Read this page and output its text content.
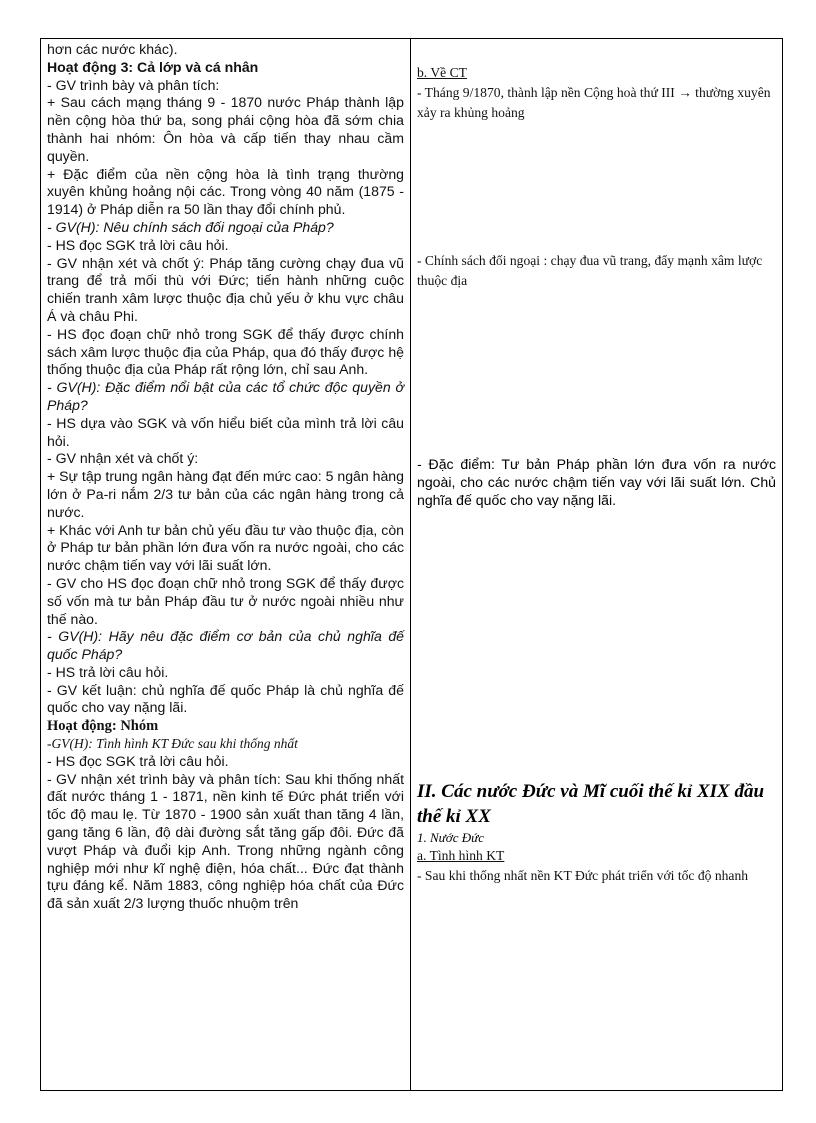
hơn các nước khác).

Hoạt động 3: Cả lớp và cá nhân

- GV trình bày và phân tích:

+ Sau cách mạng tháng 9 - 1870 nước Pháp thành lập nền cộng hòa thứ ba, song phái cộng hòa đã sớm chia thành hai nhóm: Ôn hòa và cấp tiến thay nhau cầm quyền.

+ Đặc điểm của nền cộng hòa là tình trạng thường xuyên khủng hoảng nội các. Trong vòng 40 năm (1875 - 1914) ở Pháp diễn ra 50 lần thay đổi chính phủ.

- GV(H): Nêu chính sách đối ngoại của Pháp?

- HS đọc SGK trả lời câu hỏi.

- GV nhận xét và chốt ý: Pháp tăng cường chạy đua vũ trang để trả mối thù với Đức; tiến hành những cuộc chiến tranh xâm lược thuộc địa chủ yếu ở khu vực châu Á và châu Phi.

- HS đọc đoạn chữ nhỏ trong SGK để thấy được chính sách xâm lược thuộc địa của Pháp, qua đó thấy được hệ thống thuộc địa của Pháp rất rộng lớn, chỉ sau Anh.

- GV(H): Đặc điểm nổi bật của các tổ chức độc quyền ở Pháp?

- HS dựa vào SGK và vốn hiểu biết của mình trả lời câu hỏi.

- GV nhận xét và chốt ý:

+ Sự tập trung ngân hàng đạt đến mức cao: 5 ngân hàng lớn ở Pa-ri nắm 2/3 tư bản của các ngân hàng trong cả nước.

+ Khác với Anh tư bản chủ yếu đầu tư vào thuộc địa, còn ở Pháp tư bản phần lớn đưa vốn ra nước ngoài, cho các nước chậm tiến vay với lãi suất lớn.

- GV cho HS đọc đoạn chữ nhỏ trong SGK để thấy được số vốn mà tư bản Pháp đầu tư ở nước ngoài nhiều như thế nào.

- GV(H): Hãy nêu đặc điểm cơ bản của chủ nghĩa đế quốc Pháp?

- HS trả lời câu hỏi.

- GV kết luận: chủ nghĩa đế quốc Pháp là chủ nghĩa đế quốc cho vay nặng lãi.

Hoạt động: Nhóm

-GV(H): Tình hình KT Đức sau khi thống nhất

- HS đọc SGK trả lời câu hỏi.

- GV nhận xét trình bày và phân tích: Sau khi thống nhất đất nước tháng 1 - 1871, nền kinh tế Đức phát triển với tốc độ mau lẹ. Từ 1870 - 1900 sản xuất than tăng 4 lần, gang tăng 6 lần, độ dài đường sắt tăng gấp đôi. Đức đã vượt Pháp và đuổi kịp Anh. Trong những ngành công nghiệp mới như kĩ nghệ điện, hóa chất... Đức đạt thành tựu đáng kể. Năm 1883, công nghiệp hóa chất của Đức đã sản xuất 2/3 lượng thuốc nhuộm trên

b. Về CT

- Tháng 9/1870, thành lập nền Cộng hoà thứ III → thường xuyên xảy ra khủng hoảng

- Chính sách đối ngoại : chạy đua vũ trang, đẩy mạnh xâm lược thuộc địa

- Đặc điểm: Tư bản Pháp phần lớn đưa vốn ra nước ngoài, cho các nước chậm tiến vay với lãi suất lớn. Chủ nghĩa đế quốc cho vay nặng lãi.

II. Các nước Đức và Mĩ cuối thế kỉ XIX đầu thế kỉ XX

1. Nước Đức

a. Tình hình KT

- Sau khi thống nhất nền KT Đức phát triển với tốc độ nhanh
